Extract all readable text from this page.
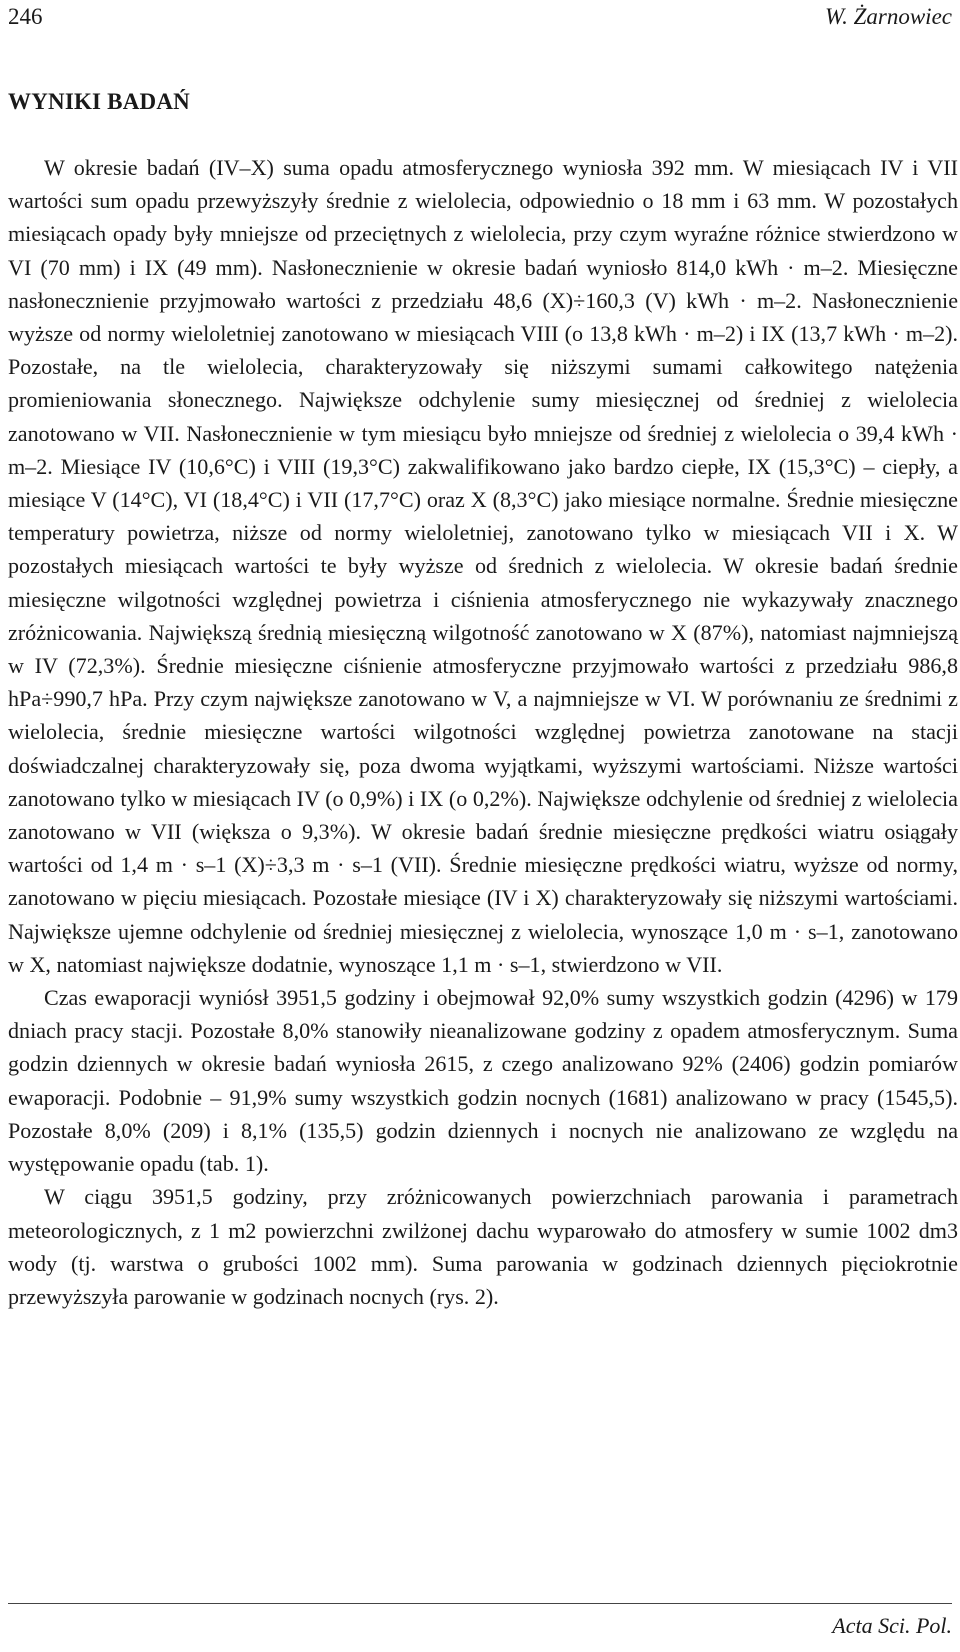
246	W. Żarnowiec
WYNIKI BADAŃ

W okresie badań (IV–X) suma opadu atmosferycznego wyniosła 392 mm. W miesiącach IV i VII wartości sum opadu przewyższyły średnie z wielolecia, odpowiednio o 18 mm i 63 mm. W pozostałych miesiącach opady były mniejsze od przeciętnych z wielolecia, przy czym wyraźne różnice stwierdzono w VI (70 mm) i IX (49 mm). Nasłonecznienie w okresie badań wyniosło 814,0 kWh · m–2. Miesięczne nasłonecznienie przyjmowało wartości z przedziału 48,6 (X)÷160,3 (V) kWh · m–2. Nasłonecznienie wyższe od normy wieloletniej zanotowano w miesiącach VIII (o 13,8 kWh · m–2) i IX (13,7 kWh · m–2). Pozostałe, na tle wielolecia, charakteryzowały się niższymi sumami całkowitego natężenia promieniowania słonecznego. Największe odchylenie sumy miesięcznej od średniej z wielolecia zanotowano w VII. Nasłonecznienie w tym miesiącu było mniejsze od średniej z wielolecia o 39,4 kWh · m–2. Miesiące IV (10,6°C) i VIII (19,3°C) zakwalifikowano jako bardzo ciepłe, IX (15,3°C) – ciepły, a miesiące V (14°C), VI (18,4°C) i VII (17,7°C) oraz X (8,3°C) jako miesiące normalne. Średnie miesięczne temperatury powietrza, niższe od normy wieloletniej, zanotowano tylko w miesiącach VII i X. W pozostałych miesiącach wartości te były wyższe od średnich z wielolecia. W okresie badań średnie miesięczne wilgotności względnej powietrza i ciśnienia atmosferycznego nie wykazywały znacznego zróżnicowania. Największą średnią miesięczną wilgotność zanotowano w X (87%), natomiast najmniejszą w IV (72,3%). Średnie miesięczne ciśnienie atmosferyczne przyjmowało wartości z przedziału 986,8 hPa÷990,7 hPa. Przy czym największe zanotowano w V, a najmniejsze w VI. W porównaniu ze średnimi z wielolecia, średnie miesięczne wartości wilgotności względnej powietrza zanotowane na stacji doświadczalnej charakteryzowały się, poza dwoma wyjątkami, wyższymi wartościami. Niższe wartości zanotowano tylko w miesiącach IV (o 0,9%) i IX (o 0,2%). Największe odchylenie od średniej z wielolecia zanotowano w VII (większa o 9,3%). W okresie badań średnie miesięczne prędkości wiatru osiągały wartości od 1,4 m · s–1 (X)÷3,3 m · s–1 (VII). Średnie miesięczne prędkości wiatru, wyższe od normy, zanotowano w pięciu miesiącach. Pozostałe miesiące (IV i X) charakteryzowały się niższymi wartościami. Największe ujemne odchylenie od średniej miesięcznej z wielolecia, wynoszące 1,0 m · s–1, zanotowano w X, natomiast największe dodatnie, wynoszące 1,1 m · s–1, stwierdzono w VII.

Czas ewaporacji wyniósł 3951,5 godziny i obejmował 92,0% sumy wszystkich godzin (4296) w 179 dniach pracy stacji. Pozostałe 8,0% stanowiły nieanalizowane godziny z opadem atmosferycznym. Suma godzin dziennych w okresie badań wyniosła 2615, z czego analizowano 92% (2406) godzin pomiarów ewaporacji. Podobnie – 91,9% sumy wszystkich godzin nocnych (1681) analizowano w pracy (1545,5). Pozostałe 8,0% (209) i 8,1% (135,5) godzin dziennych i nocnych nie analizowano ze względu na występowanie opadu (tab. 1).

W ciągu 3951,5 godziny, przy zróżnicowanych powierzchniach parowania i parametrach meteorologicznych, z 1 m2 powierzchni zwilżonej dachu wyparowało do atmosfery w sumie 1002 dm3 wody (tj. warstwa o grubości 1002 mm). Suma parowania w godzinach dziennych pięciokrotnie przewyższyła parowanie w godzinach nocnych (rys. 2).

Acta Sci. Pol.
